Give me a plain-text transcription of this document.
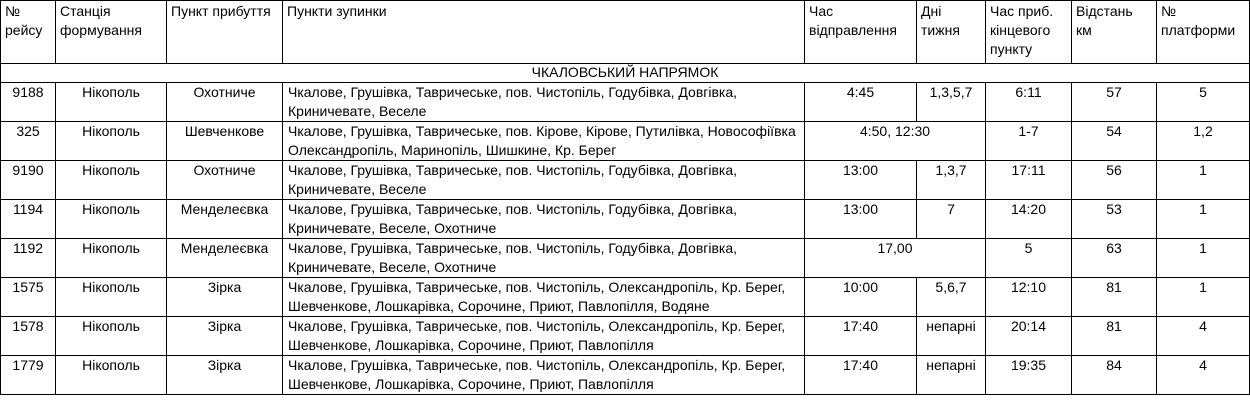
№ рейсу	Станція формування	Пункт прибуття	Пункти зупинки	Час відправлення	Дні тижня	Час приб. кінцевого пункту	Відстань км	№ платформи
ЧКАЛОВСЬКИЙ НАПРЯМОК								
9188	Нікополь	Охотниче	Чкалове, Грушівка, Тавричеське, пов. Чистопіль, Годубівка, Довгівка, Криничевате, Веселе	4:45	1,3,5,7	6:11	57	5
325	Нікополь	Шевченкове	Чкалове, Грушівка, Тавричеське, пов. Кірове, Кірове, Путилівка, Новософіївка Олександропіль, Маринопіль, Шишкине, Кр. Берег	4:50, 12:30		1-7	54	1,2
9190	Нікополь	Охотниче	Чкалове, Грушівка, Тавричеське, пов. Чистопіль, Годубівка, Довгівка, Криничевате, Веселе	13:00	1,3,7	17:11	56	1
1194	Нікополь	Менделеєвка	Чкалове, Грушівка, Тавричеське, пов. Чистопіль, Годубівка, Довгівка, Криничевате, Веселе, Охотниче	13:00	7	14:20	53	1
1192	Нікополь	Менделеєвка	Чкалове, Грушівка, Тавричеське, пов. Чистопіль, Годубівка, Довгівка, Криничевате, Веселе, Охотниче	17,00		5	63	1
1575	Нікополь	Зірка	Чкалове, Грушівка, Тавричеське, пов. Чистопіль, Олександропіль, Кр. Берег, Шевченкове, Лошкарівка, Сорочине, Приют, Павлопілля, Водяне	10:00	5,6,7	12:10	81	1
1578	Нікополь	Зірка	Чкалове, Грушівка, Тавричеське, пов. Чистопіль, Олександропіль, Кр. Берег, Шевченкове, Лошкарівка, Сорочине, Приют, Павлопілля	17:40	непарні	20:14	81	4
1779	Нікополь	Зірка	Чкалове, Грушівка, Тавричеське, пов. Чистопіль, Олександропіль, Кр. Берег, Шевченкове, Лошкарівка, Сорочине, Приют, Павлопілля	17:40	непарні	19:35	84	4
